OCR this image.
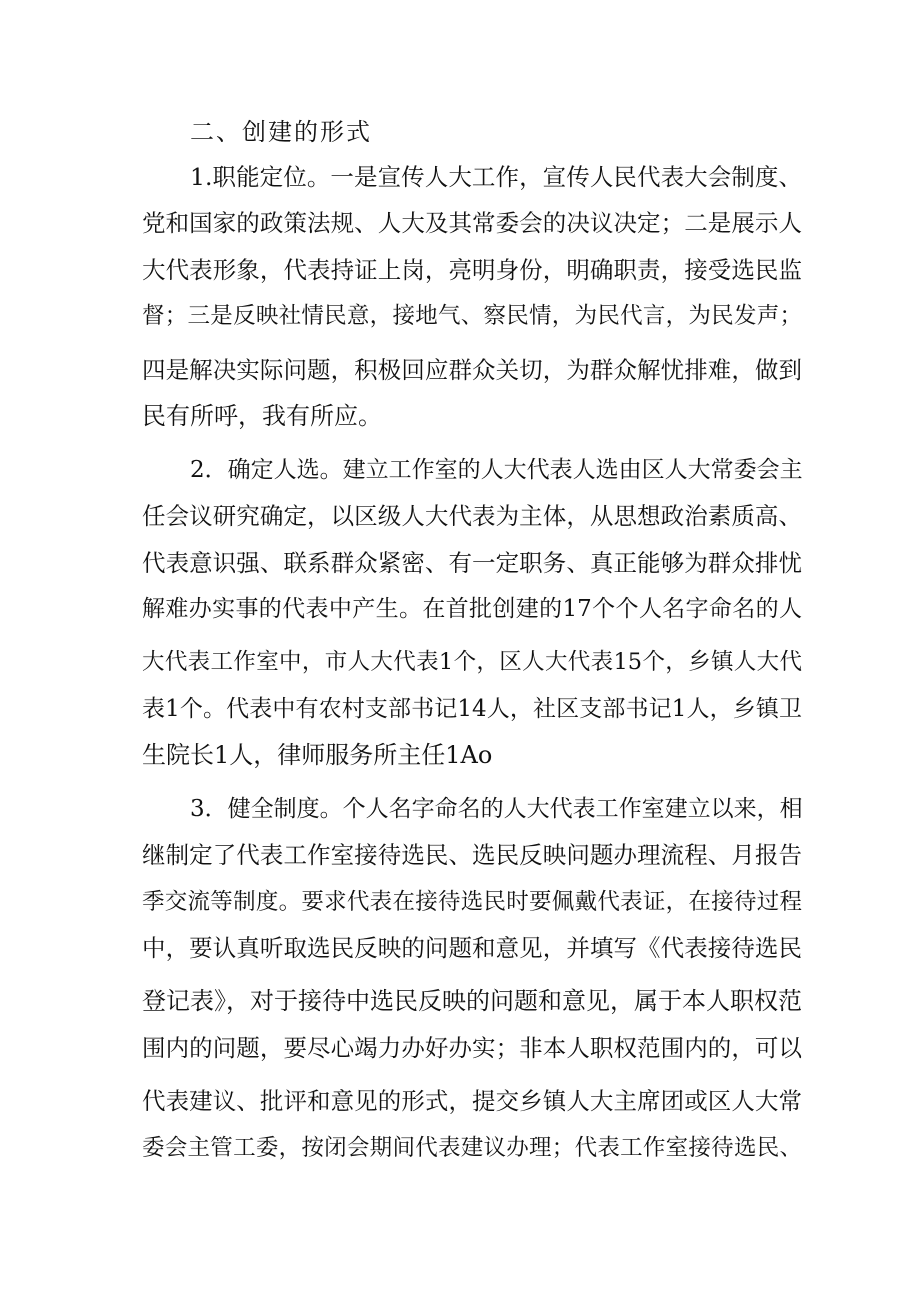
二、创建的形式
1.职能定位。一是宣传人大工作，宣传人民代表大会制度、
党和国家的政策法规、人大及其常委会的决议决定；二是展示人
大代表形象，代表持证上岗，亮明身份，明确职责，接受选民监
督；三是反映社情民意，接地气、察民情，为民代言，为民发声；
四是解决实际问题，积极回应群众关切，为群众解忧排难，做到
民有所呼，我有所应。
2．确定人选。建立工作室的人大代表人选由区人大常委会主
任会议研究确定，以区级人大代表为主体，从思想政治素质高、
代表意识强、联系群众紧密、有一定职务、真正能够为群众排忧
解难办实事的代表中产生。在首批创建的17个个人名字命名的人
大代表工作室中，市人大代表1个，区人大代表15个，乡镇人大代
表1个。代表中有农村支部书记14人，社区支部书记1人，乡镇卫
生院长1人，律师服务所主任1Ao
3．健全制度。个人名字命名的人大代表工作室建立以来，相
继制定了代表工作室接待选民、选民反映问题办理流程、月报告
季交流等制度。要求代表在接待选民时要佩戴代表证，在接待过程
中，要认真听取选民反映的问题和意见，并填写《代表接待选民
登记表》，对于接待中选民反映的问题和意见，属于本人职权范
围内的问题，要尽心竭力办好办实；非本人职权范围内的，可以
代表建议、批评和意见的形式，提交乡镇人大主席团或区人大常
委会主管工委，按闭会期间代表建议办理；代表工作室接待选民、
